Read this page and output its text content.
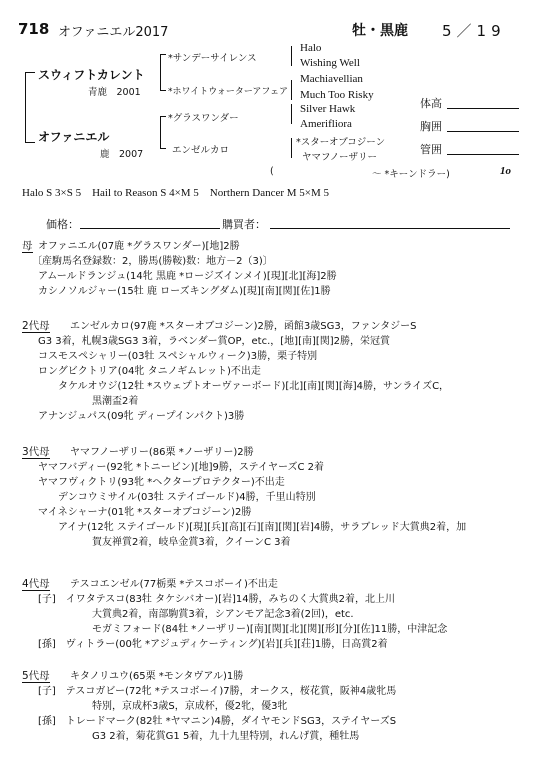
718 オファニエル2017	牡・黒鹿 5／19
スウィフトカレント
青鹿　2001
オファニエル
鹿　2007
*サンデーサイレンス
*ホワイトウォーターアフェア
*グラスワンダー
エンゼルカロ
Halo
Wishing Well
Machiavellian
Much Too Risky
Silver Hawk
Amerifliora
*スターオブコジーン
ヤマフノーザリー
(	～ *キーンドラー)	1o
体高
胸囲
管囲
Halo S 3×S 5　Hail to Reason S 4×M 5　Northern Dancer M 5×M 5
価格：	購買者：
母 オファニエル(07鹿 *グラスワンダー)[地]2勝
〔産駒馬名登録数：2，勝馬(勝鞍)数：地方－2（3)〕
アムールドランジュ(14牝 黒鹿 *ロージズインメイ)[現][北][海]2勝
カシノソルジャー(15牡 鹿 ローズキングダム)[現][南][関][佐]1勝
2代母 エンゼルカロ(97鹿 *スターオブコジーン)2勝，函館3歳SG3，ファンタジーS
G3 3着，札幌3歳SG3 3着，ラベンダー賞OP，etc.，[地][南][関]2勝，栄冠賞
コスモスペシャリー(03牡 スペシャルウィーク)3勝，栗子特別
ロングビクトリア(04牝 タニノギムレット)不出走
タケルオウジ(12牡 *スウェプトオーヴァーボード)[北][南][関][海]4勝，サンライズC，
黒潮盃2着
アナンジュパス(09牝 ディープインパクト)3勝
3代母 ヤマフノーザリー(86栗 *ノーザリー)2勝
ヤマフバディー(92牝 *トニービン)[地]9勝，ステイヤーズC 2着
ヤマフヴィクトリ(93牝 *ヘクタープロテクター)不出走
デンコウミサイル(03牡 ステイゴールド)4勝，千里山特別
マイネシャーナ(01牝 *スターオブコジーン)2勝
アイナ(12牝 ステイゴールド)[現][兵][高][石][南][関][岩]4勝，サラブレッド大賞典2着，加
賀友禅賞2着，岐阜金賞3着，クイーンC 3着
4代母 テスコエンゼル(77栃栗 *テスコボーイ)不出走
[子]　イワタテスコ(83牡 タケシバオー)[岩]14勝，みちのく大賞典2着，北上川
大賞典2着，南部駒賞3着，シアンモア記念3着(2回)，etc.
モガミフォード(84牡 *ノーザリー)[南][関][北][関][形][分][佐]11勝，中津記念
[孫]　ヴィトラー(00牝 *アジュディケーティング)[岩][兵][荘]1勝，日高賞2着
5代母 キタノリユウ(65栗 *モンタヴアル)1勝
[子]　テスコガビー(72牝 *テスコボーイ)7勝，オークス，桜花賞，阪神4歳牝馬
特別，京成杯3歳S，京成杯，優2牝，優3牝
[孫]　トレードマーク(82牡 *ヤマニン)4勝，ダイヤモンドSG3，ステイヤーズS
G3 2着，菊花賞G1 5着，九十九里特別，れんげ賞，種牡馬
